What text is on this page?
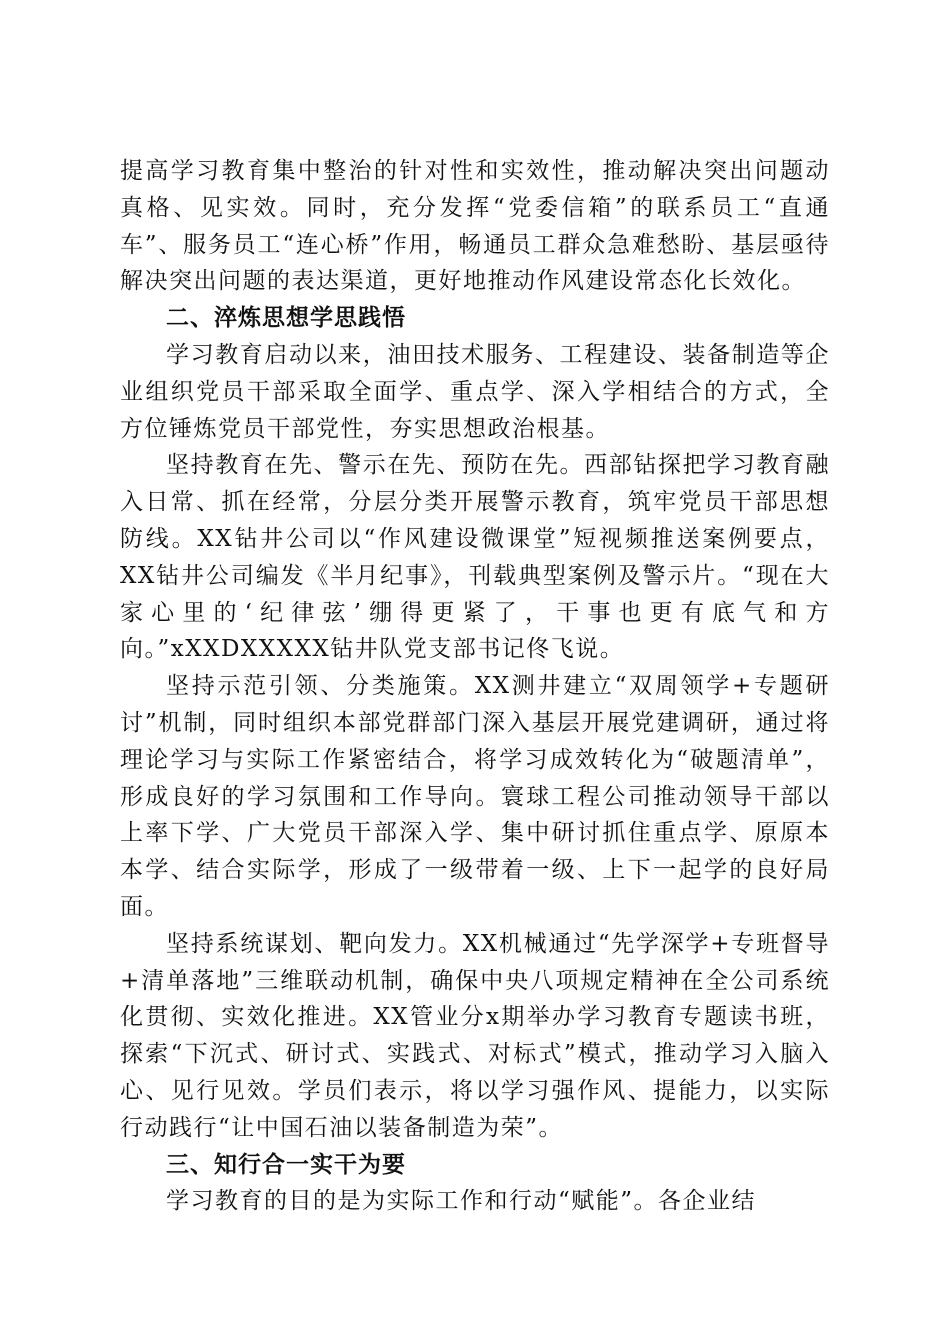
提高学习教育集中整治的针对性和实效性，推动解决突出问题动真格、见实效。同时，充分发挥“党委信箱”的联系员工“直通车”、服务员工“连心桥”作用，畅通员工群众急难愁盼、基层亟待解决突出问题的表达渠道，更好地推动作风建设常态化长效化。

二、淬炼思想学思践悟

学习教育启动以来，油田技术服务、工程建设、装备制造等企业组织党员干部采取全面学、重点学、深入学相结合的方式，全方位锤炼党员干部党性，夯实思想政治根基。

坚持教育在先、警示在先、预防在先。西部钻探把学习教育融入日常、抓在经常，分层分类开展警示教育，筑牢党员干部思想防线。XX钻井公司以“作风建设微课堂”短视频推送案例要点，XX钻井公司编发《半月纪事》，刊载典型案例及警示片。“现在大家心里的‘纪律弦’绷得更紧了，干事也更有底气和方向。”xXXDXXXXX钻井队党支部书记佟飞说。

坚持示范引领、分类施策。XX测井建立“双周领学+专题研讨”机制，同时组织本部党群部门深入基层开展党建调研，通过将理论学习与实际工作紧密结合，将学习成效转化为“破题清单”，形成良好的学习氛围和工作导向。寰球工程公司推动领导干部以上率下学、广大党员干部深入学、集中研讨抓住重点学、原原本本学、结合实际学，形成了一级带着一级、上下一起学的良好局面。

坚持系统谋划、靶向发力。XX机械通过“先学深学+专班督导+清单落地”三维联动机制，确保中央八项规定精神在全公司系统化贯彻、实效化推进。XX管业分x期举办学习教育专题读书班，探索“下沉式、研讨式、实践式、对标式”模式，推动学习入脑入心、见行见效。学员们表示，将以学习强作风、提能力，以实际行动践行“让中国石油以装备制造为荣”。

三、知行合一实干为要

学习教育的目的是为实际工作和行动“赋能”。各企业结
